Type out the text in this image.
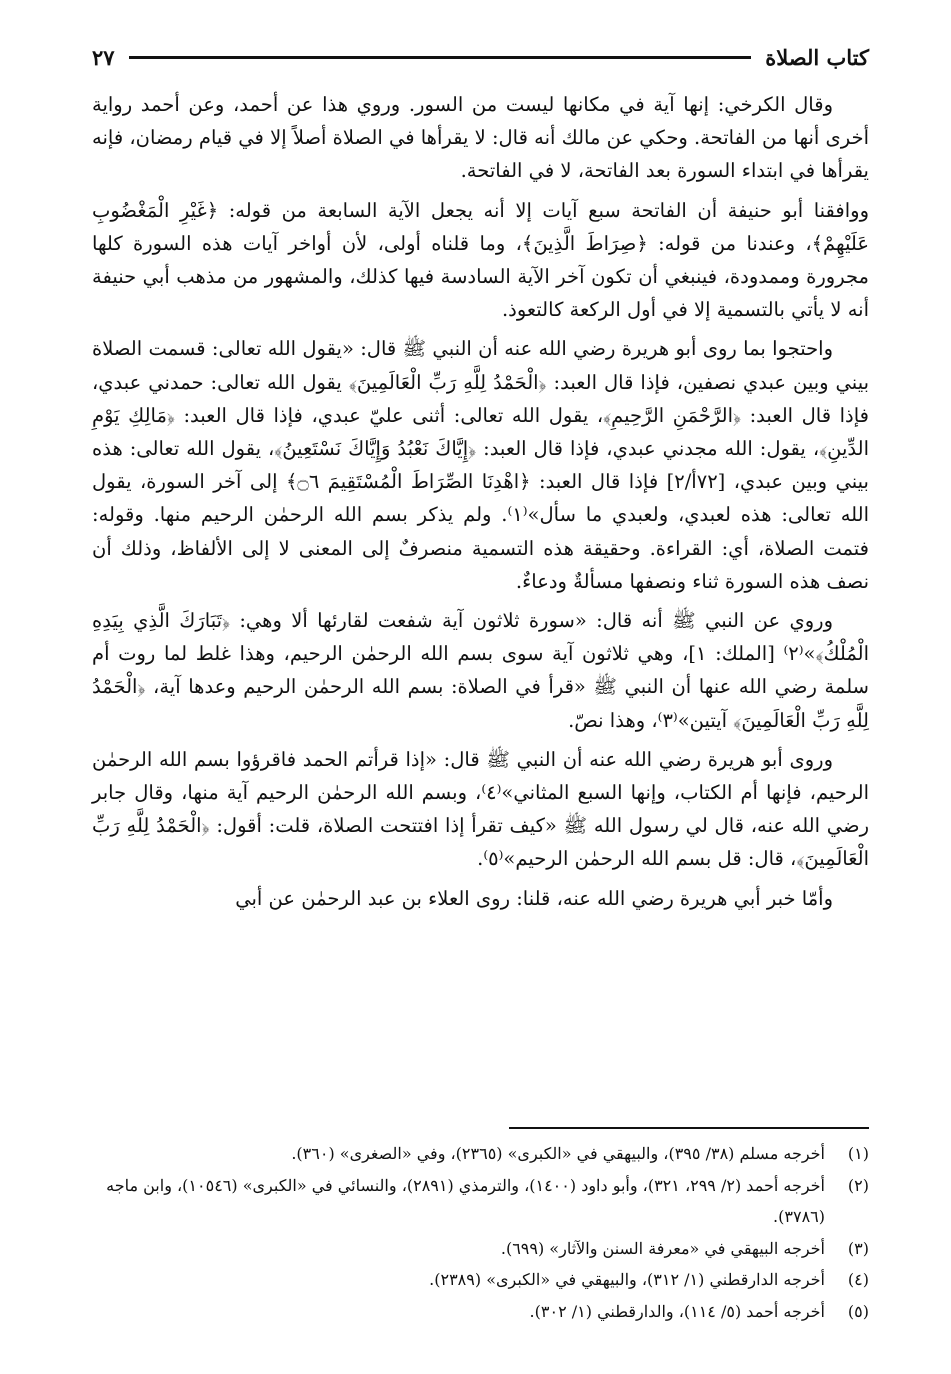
كتاب الصلاة
٢٧

وقال الكرخي: إنها آية في مكانها ليست من السور. وروي هذا عن أحمد، وعن أحمد رواية أخرى أنها من الفاتحة. وحكي عن مالك أنه قال: لا يقرأها في الصلاة أصلاً إلا في قيام رمضان، فإنه يقرأها في ابتداء السورة بعد الفاتحة، لا في الفاتحة.

ووافقنا أبو حنيفة أن الفاتحة سبع آيات إلا أنه يجعل الآية السابعة من قوله: ﴿غَيْرِ الْمَغْضُوبِ عَلَيْهِمْ﴾، وعندنا من قوله: ﴿صِرَاطَ الَّذِينَ﴾، وما قلناه أولى، لأن أواخر آيات هذه السورة كلها مجرورة وممدودة، فينبغي أن تكون آخر الآية السادسة فيها كذلك، والمشهور من مذهب أبي حنيفة أنه لا يأتي بالتسمية إلا في أول الركعة كالتعوذ.

واحتجوا بما روى أبو هريرة رضي الله عنه أن النبي ﷺ قال: «يقول الله تعالى: قسمت الصلاة بيني وبين عبدي نصفين، فإذا قال العبد: ﴿الْحَمْدُ لِلَّهِ رَبِّ الْعَالَمِينَ﴾ يقول الله تعالى: حمدني عبدي، فإذا قال العبد: ﴿الرَّحْمَنِ الرَّحِيمِ﴾، يقول الله تعالى: أثنى عليّ عبدي، فإذا قال العبد: ﴿مَالِكِ يَوْمِ الدِّينِ﴾، يقول: الله مجدني عبدي، فإذا قال العبد: ﴿إِيَّاكَ نَعْبُدُ وَإِيَّاكَ نَسْتَعِينُ﴾، يقول الله تعالى: هذه بيني وبين عبدي، [٧٢أ/٢] فإذا قال العبد: ﴿اهْدِنَا الصِّرَاطَ الْمُسْتَقِيمَ ۝٦﴾ إلى آخر السورة، يقول الله تعالى: هذه لعبدي، ولعبدي ما سأل»⁽١⁾. ولم يذكر بسم الله الرحمٰن الرحيم منها. وقوله: فتمت الصلاة، أي: القراءة. وحقيقة هذه التسمية منصرفٌ إلى المعنى لا إلى الألفاظ، وذلك أن نصف هذه السورة ثناء ونصفها مسألةٌ ودعاءٌ.

وروي عن النبي ﷺ أنه قال: «سورة ثلاثون آية شفعت لقارئها ألا وهي: ﴿تَبَارَكَ الَّذِي بِيَدِهِ الْمُلْكُ﴾»⁽٢⁾ [الملك: ١]، وهي ثلاثون آية سوى بسم الله الرحمٰن الرحيم، وهذا غلط لما روت أم سلمة رضي الله عنها أن النبي ﷺ «قرأ في الصلاة: بسم الله الرحمٰن الرحيم وعدها آية، ﴿الْحَمْدُ لِلَّهِ رَبِّ الْعَالَمِينَ﴾ آيتين»⁽٣⁾، وهذا نصّ.

وروى أبو هريرة رضي الله عنه أن النبي ﷺ قال: «إذا قرأتم الحمد فاقرؤوا بسم الله الرحمٰن الرحيم، فإنها أم الكتاب، وإنها السبع المثاني»⁽٤⁾، وبسم الله الرحمٰن الرحيم آية منها، وقال جابر رضي الله عنه، قال لي رسول الله ﷺ «كيف تقرأ إذا افتتحت الصلاة، قلت: أقول: ﴿الْحَمْدُ لِلَّهِ رَبِّ الْعَالَمِينَ﴾، قال: قل بسم الله الرحمٰن الرحيم»⁽٥⁾.

وأمّا خبر أبي هريرة رضي الله عنه، قلنا: روى العلاء بن عبد الرحمٰن عن أبي

(١)
أخرجه مسلم (٣٨/ ٣٩٥)، والبيهقي في «الكبرى» (٢٣٦٥)، وفي «الصغرى» (٣٦٠).
(٢)
أخرجه أحمد (٢/ ٢٩٩، ٣٢١)، وأبو داود (١٤٠٠)، والترمذي (٢٨٩١)، والنسائي في «الكبرى» (١٠٥٤٦)، وابن ماجه (٣٧٨٦).
(٣)
أخرجه البيهقي في «معرفة السنن والآثار» (٦٩٩).
(٤)
أخرجه الدارقطني (١/ ٣١٢)، والبيهقي في «الكبرى» (٢٣٨٩).
(٥)
أخرجه أحمد (٥/ ١١٤)، والدارقطني (١/ ٣٠٢).
